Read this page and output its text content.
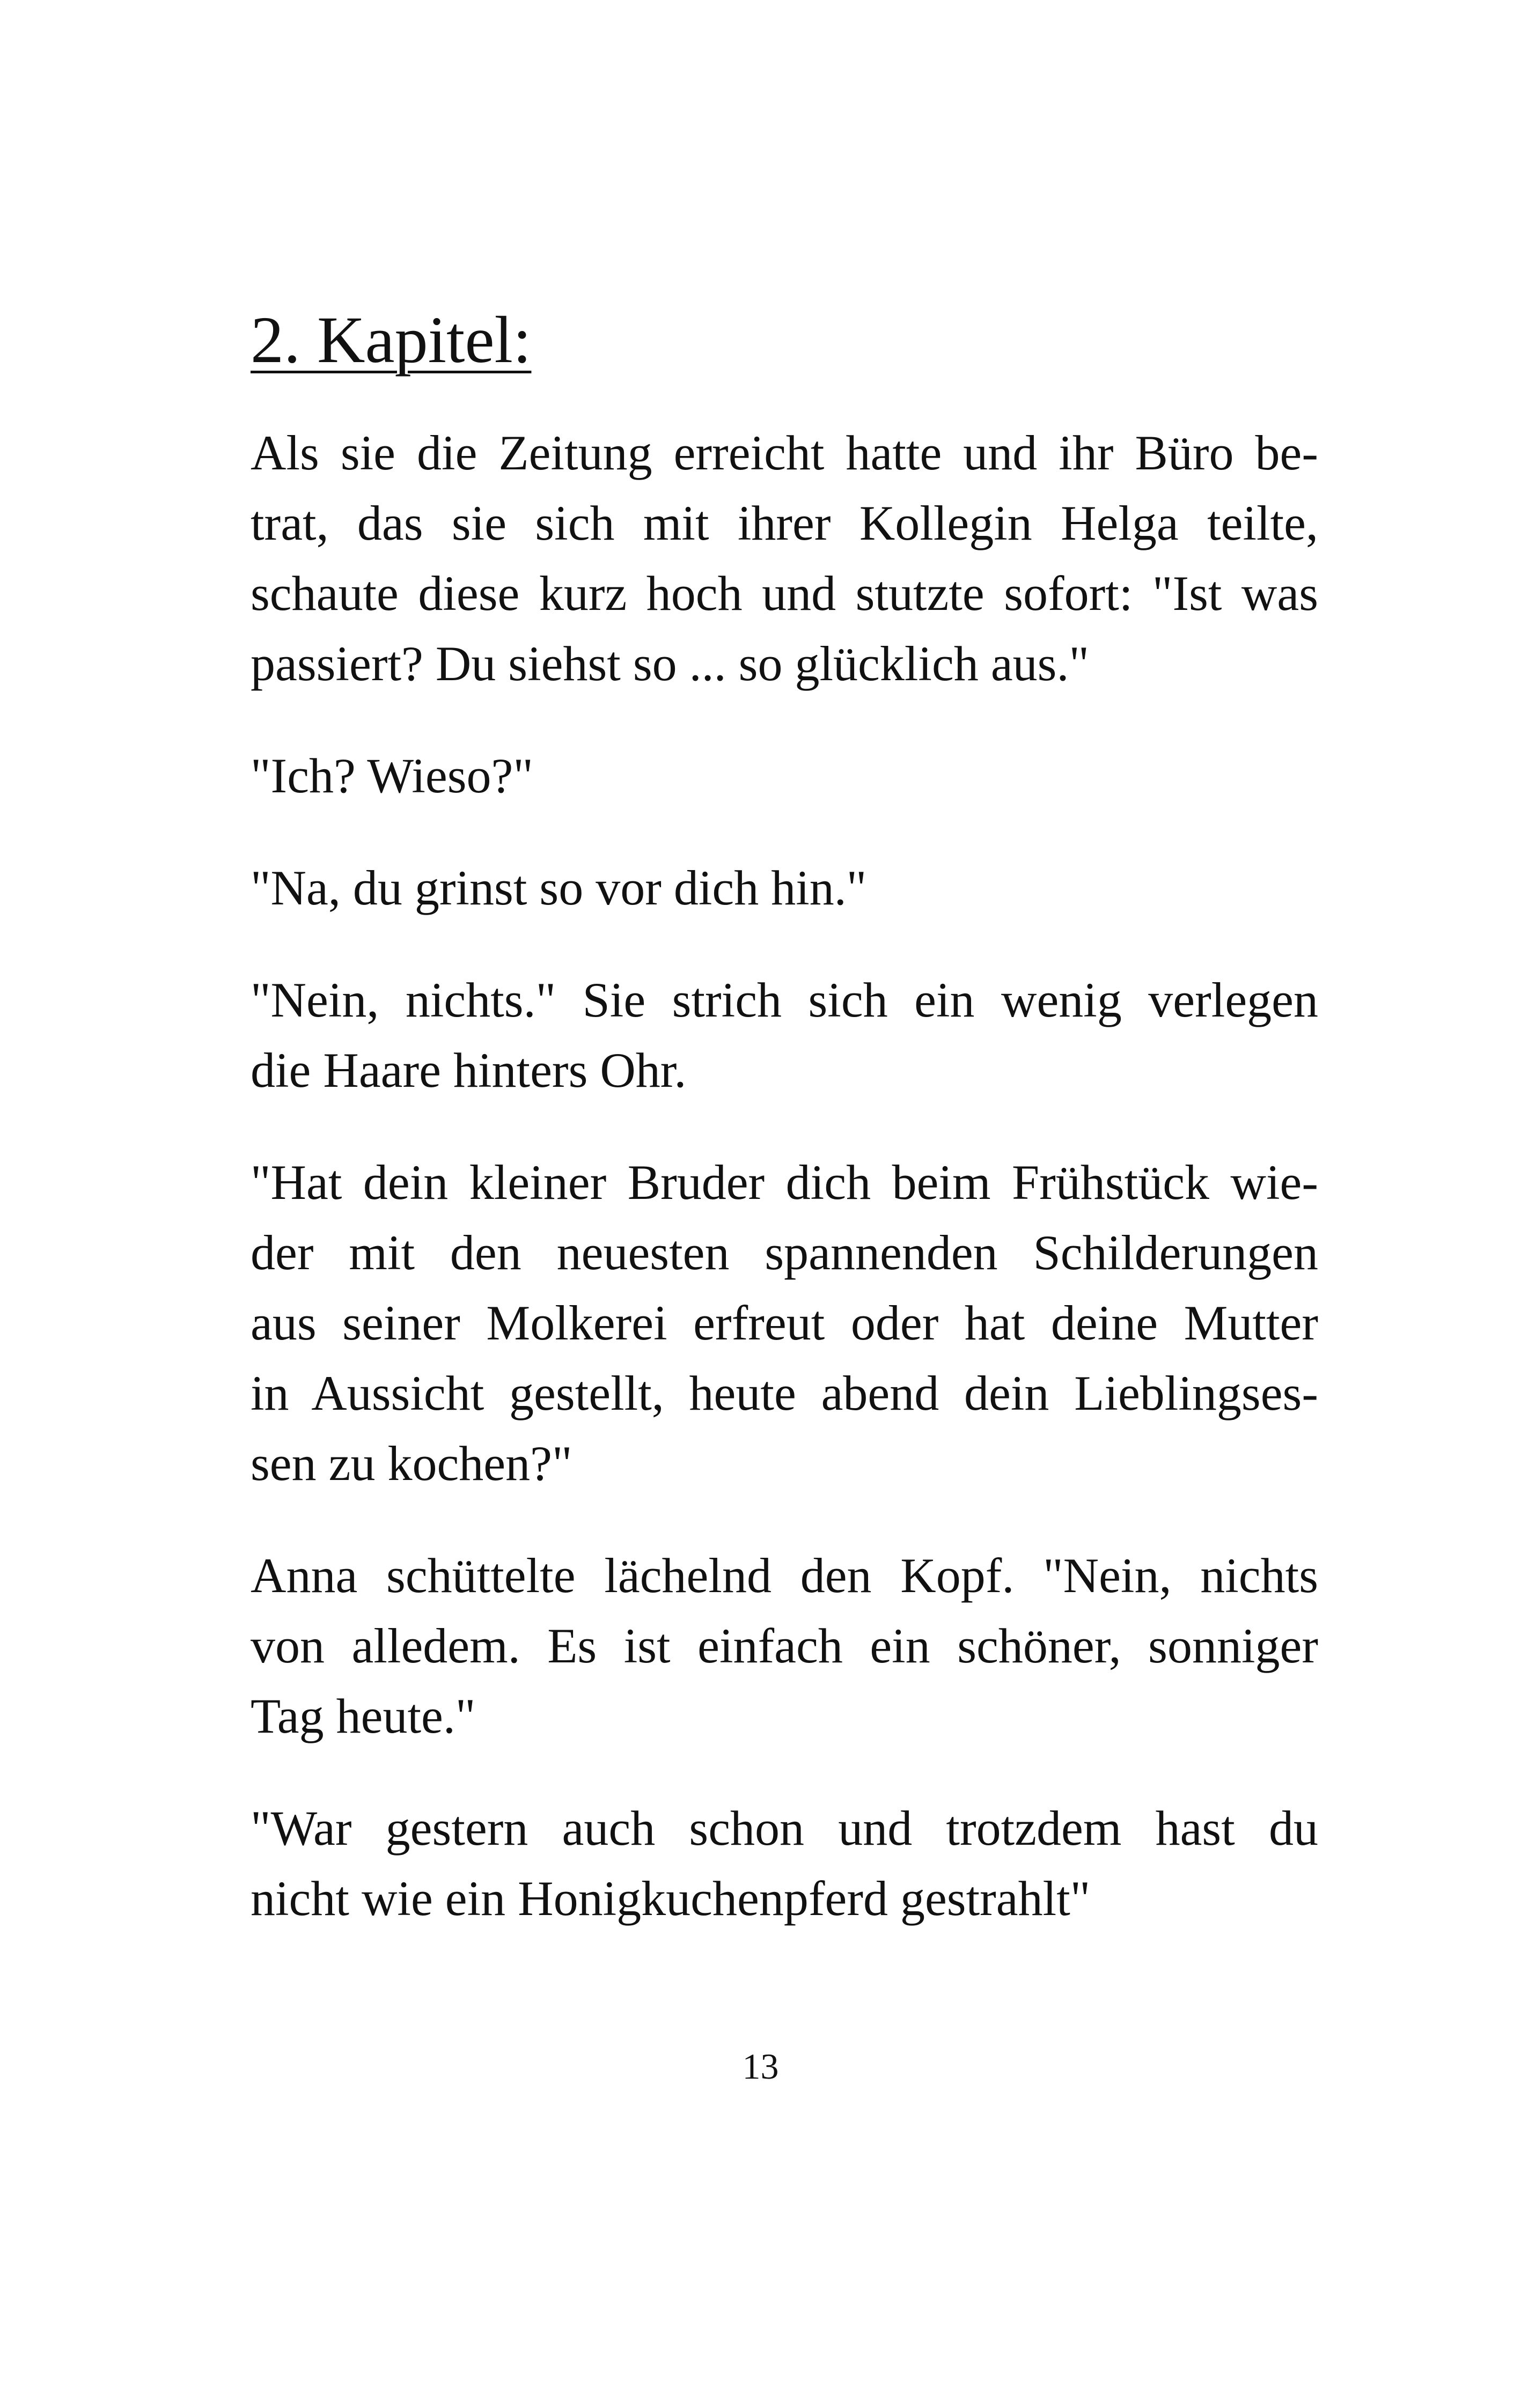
2. Kapitel:
Als sie die Zeitung erreicht hatte und ihr Büro be-
trat, das sie sich mit ihrer Kollegin Helga teilte,
schaute diese kurz hoch und stutzte sofort: "Ist was
passiert? Du siehst so ... so glücklich aus."
"Ich? Wieso?"
"Na, du grinst so vor dich hin."
"Nein, nichts." Sie strich sich ein wenig verlegen
die Haare hinters Ohr.
"Hat dein kleiner Bruder dich beim Frühstück wie-
der mit den neuesten spannenden Schilderungen
aus seiner Molkerei erfreut oder hat deine Mutter
in Aussicht gestellt, heute abend dein Lieblingses-
sen zu kochen?"
Anna schüttelte lächelnd den Kopf. "Nein, nichts
von alledem. Es ist einfach ein schöner, sonniger
Tag heute."
"War gestern auch schon und trotzdem hast du
nicht wie ein Honigkuchenpferd gestrahlt"
13
